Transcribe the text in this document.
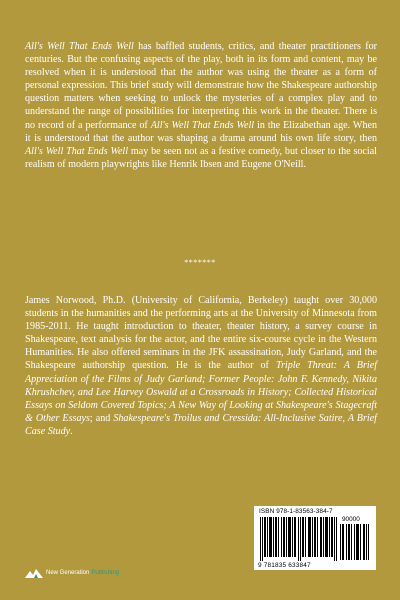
All's Well That Ends Well has baffled students, critics, and theater practitioners for centuries. But the confusing aspects of the play, both in its form and content, may be resolved when it is understood that the author was using the theater as a form of personal expression. This brief study will demonstrate how the Shakespeare authorship question matters when seeking to unlock the mysteries of a complex play and to understand the range of possibilities for interpreting this work in the theater. There is no record of a performance of All's Well That Ends Well in the Elizabethan age. When it is understood that the author was shaping a drama around his own life story, then All's Well That Ends Well may be seen not as a festive comedy, but closer to the social realism of modern playwrights like Henrik Ibsen and Eugene O'Neill.

*******

James Norwood, Ph.D. (University of California, Berkeley) taught over 30,000 students in the humanities and the performing arts at the University of Minnesota from 1985-2011. He taught introduction to theater, theater history, a survey course in Shakespeare, text analysis for the actor, and the entire six-course cycle in the Western Humanities. He also offered seminars in the JFK assassination, Judy Garland, and the Shakespeare authorship question. He is the author of Triple Threat: A Brief Appreciation of the Films of Judy Garland; Former People: John F. Kennedy, Nikita Khrushchev, and Lee Harvey Oswald at a Crossroads in History; Collected Historical Essays on Seldom Covered Topics; A New Way of Looking at Shakespeare's Stagecraft & Other Essays; and Shakespeare's Troilus and Cressida: All-Inclusive Satire, A Brief Case Study.

ISBN 978-1-83563-384-7
90000
9 781835 633847
New Generation Publishing
